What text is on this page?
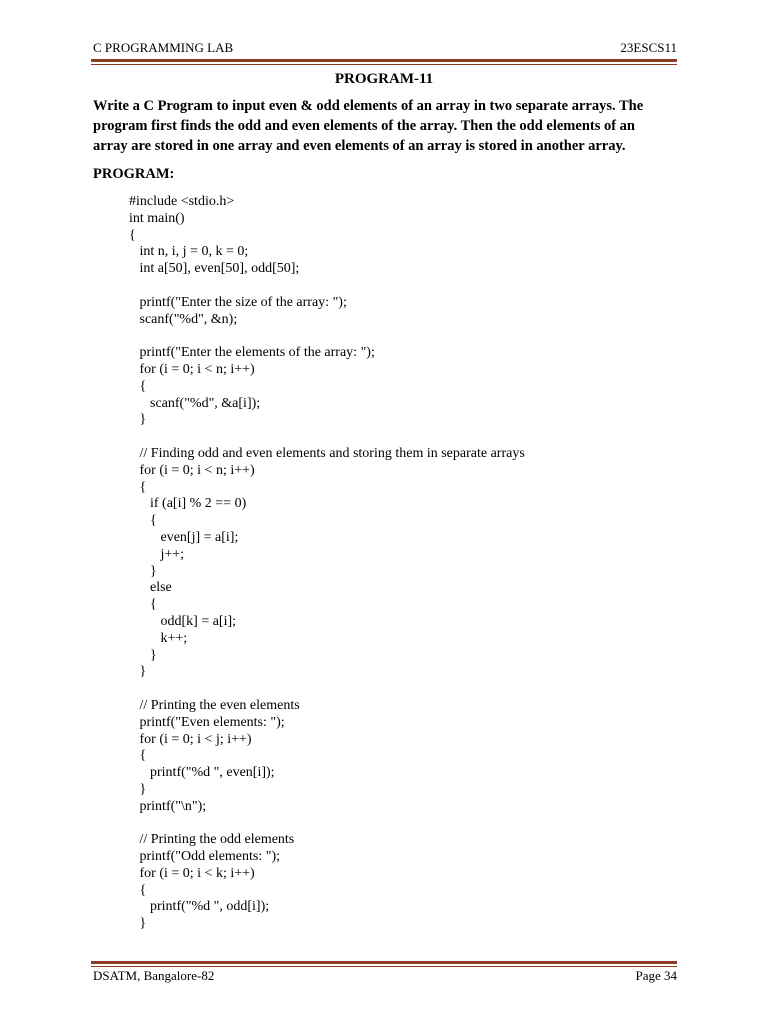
C PROGRAMMING LAB	23ESCS11
PROGRAM-11
Write a C Program to input even & odd elements of an array in two separate arrays. The
program first finds the odd and even elements of the array. Then the odd elements of an
array are stored in one array and even elements of an array is stored in another array.
PROGRAM:
#include <stdio.h>
int main()
{
int n, i, j = 0, k = 0;
int a[50], even[50], odd[50];
printf("Enter the size of the array: ");
scanf("%d", &n);
printf("Enter the elements of the array: ");
for (i = 0; i < n; i++)
{
scanf("%d", &a[i]);
}
// Finding odd and even elements and storing them in separate arrays
for (i = 0; i < n; i++)
{
if (a[i] % 2 == 0)
{
even[j] = a[i];
j++;
}
else
{
odd[k] = a[i];
k++;
}
}
// Printing the even elements
printf("Even elements: ");
for (i = 0; i < j; i++)
{
printf("%d ", even[i]);
}
printf("\n");
// Printing the odd elements
printf("Odd elements: ");
for (i = 0; i < k; i++)
{
printf("%d ", odd[i]);
}
DSATM, Bangalore-82	Page 34
